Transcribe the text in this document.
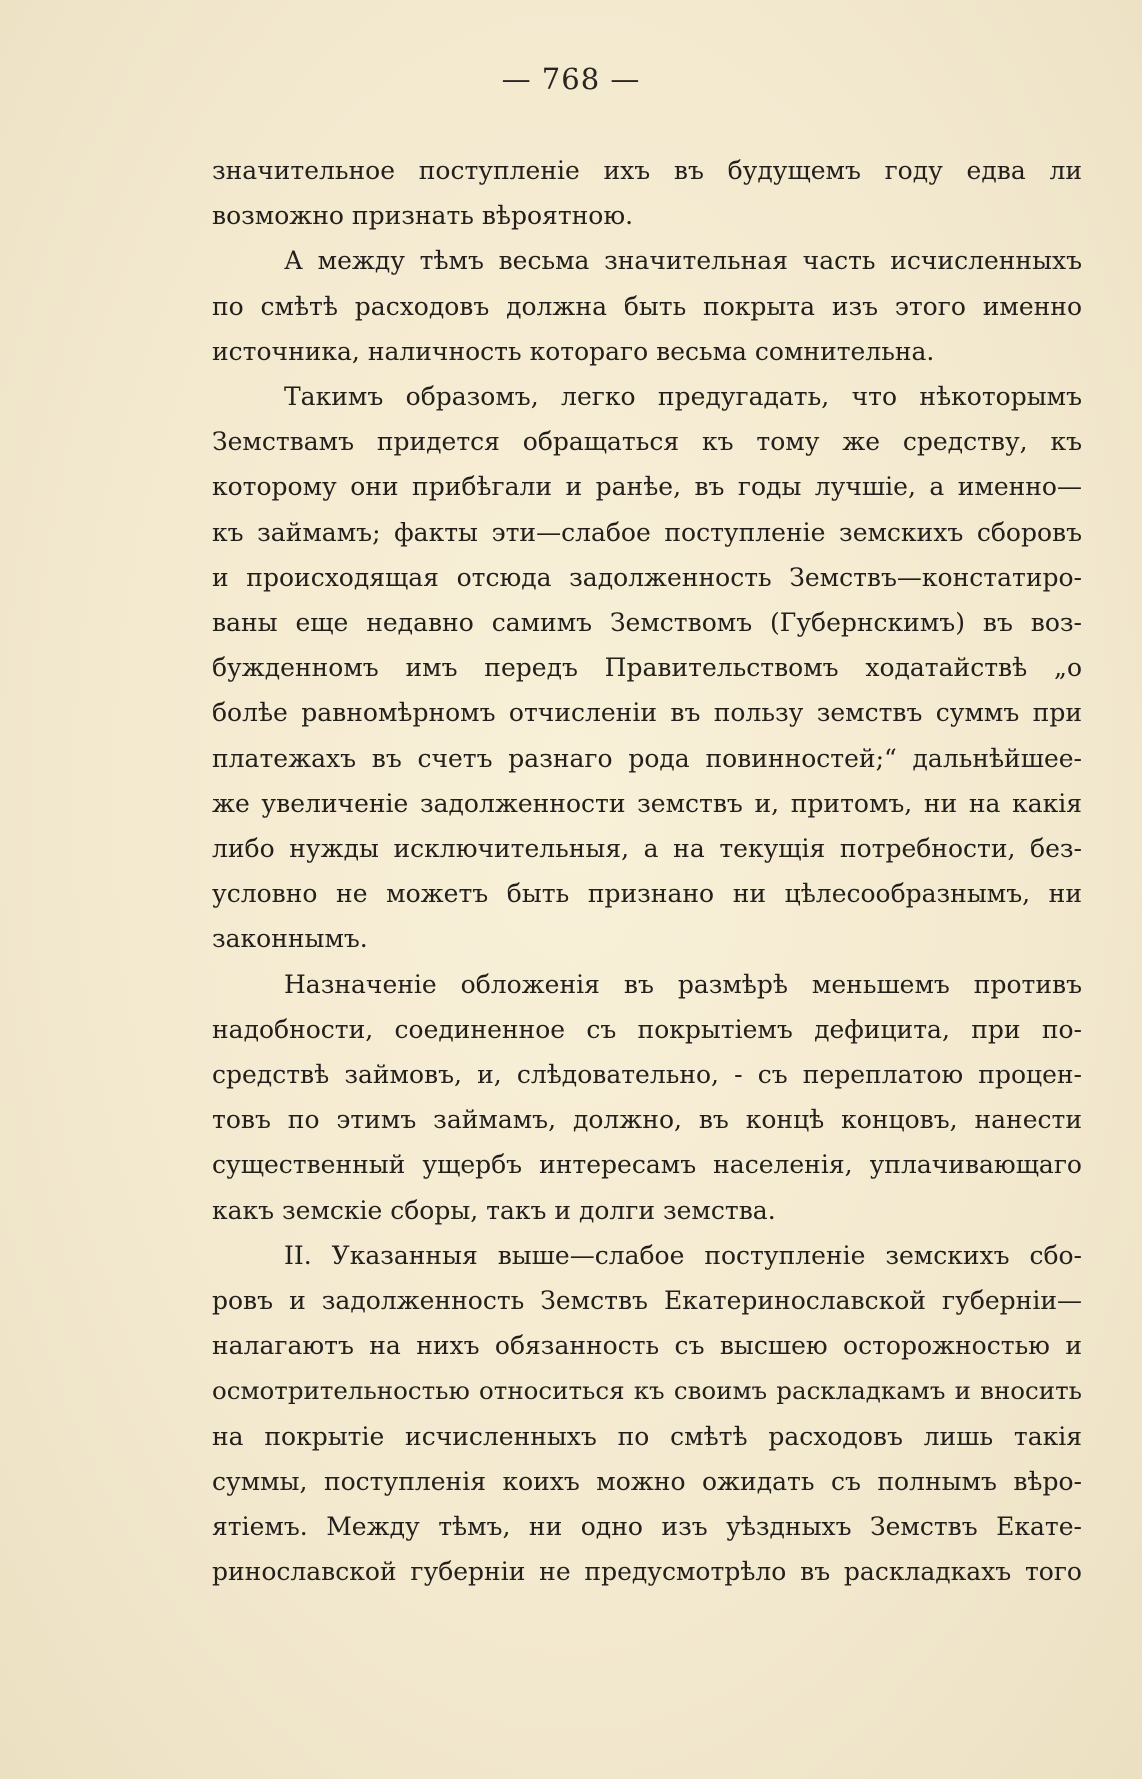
— 768 —
значительное поступленіе ихъ въ будущемъ году едва ли
возможно признать вѣроятною.
А между тѣмъ весьма значительная часть исчисленныхъ
по смѣтѣ расходовъ должна быть покрыта изъ этого именно
источника, наличность котораго весьма сомнительна.
Такимъ образомъ, легко предугадать, что нѣкоторымъ
Земствамъ придется обращаться къ тому же средству, къ
которому они прибѣгали и ранѣе, въ годы лучшіе, а именно—
къ займамъ; факты эти—слабое поступленіе земскихъ сборовъ
и происходящая отсюда задолженность Земствъ—констатиро-
ваны еще недавно самимъ Земствомъ (Губернскимъ) въ воз-
бужденномъ имъ передъ Правительствомъ ходатайствѣ „о
болѣе равномѣрномъ отчисленіи въ пользу земствъ суммъ при
платежахъ въ счетъ разнаго рода повинностей;“ дальнѣйшее-
же увеличеніе задолженности земствъ и, притомъ, ни на какія
либо нужды исключительныя, а на текущія потребности, без-
условно не можетъ быть признано ни цѣлесообразнымъ, ни
законнымъ.
Назначеніе обложенія въ размѣрѣ меньшемъ противъ
надобности, соединенное съ покрытіемъ дефицита, при по-
средствѣ займовъ, и, слѣдовательно, - съ переплатою процен-
товъ по этимъ займамъ, должно, въ концѣ концовъ, нанести
существенный ущербъ интересамъ населенія, уплачивающаго
какъ земскіе сборы, такъ и долги земства.
II. Указанныя выше—слабое поступленіе земскихъ сбо-
ровъ и задолженность Земствъ Екатеринославской губерніи—
налагаютъ на нихъ обязанность съ высшею осторожностью и
осмотрительностью относиться къ своимъ раскладкамъ и вносить
на покрытіе исчисленныхъ по смѣтѣ расходовъ лишь такія
суммы, поступленія коихъ можно ожидать съ полнымъ вѣро-
ятіемъ. Между тѣмъ, ни одно изъ уѣздныхъ Земствъ Екате-
ринославской губерніи не предусмотрѣло въ раскладкахъ того
